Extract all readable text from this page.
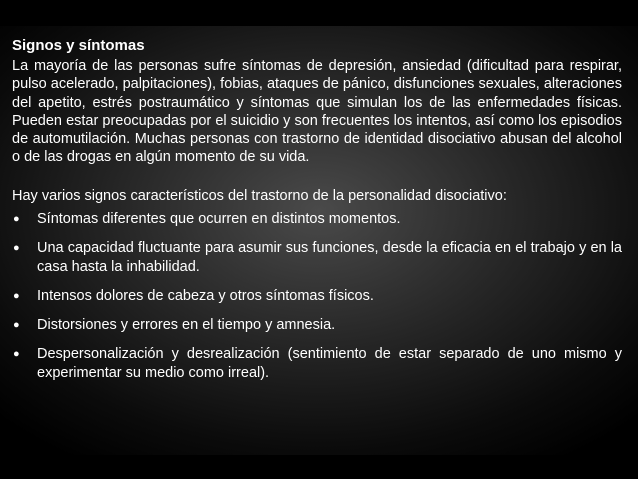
Signos y síntomas

La mayoría de las personas sufre síntomas de depresión, ansiedad (dificultad para respirar, pulso acelerado, palpitaciones), fobias, ataques de pánico, disfunciones sexuales, alteraciones del apetito, estrés postraumático y síntomas que simulan los de las enfermedades físicas. Pueden estar preocupadas por el suicidio y son frecuentes los intentos, así como los episodios de automutilación. Muchas personas con trastorno de identidad disociativo abusan del alcohol o de las drogas en algún momento de su vida.

Hay varios signos característicos del trastorno de la personalidad disociativo:

● Síntomas diferentes que ocurren en distintos momentos.
● Una capacidad fluctuante para asumir sus funciones, desde la eficacia en el trabajo y en la casa hasta la inhabilidad.
● Intensos dolores de cabeza y otros síntomas físicos.
● Distorsiones y errores en el tiempo y amnesia.
● Despersonalización y desrealización (sentimiento de estar separado de uno mismo y experimentar su medio como irreal).
